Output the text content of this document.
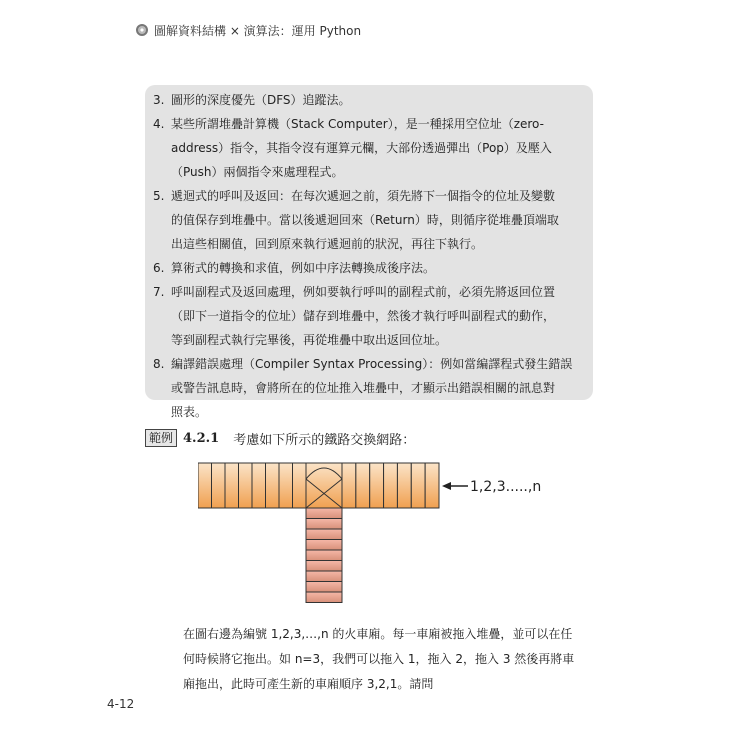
圖解資料結構 × 演算法：運用 Python
3. 圖形的深度優先（DFS）追蹤法。
4. 某些所謂堆疊計算機（Stack Computer），是一種採用空位址（zero-
address）指令，其指令沒有運算元欄，大部份透過彈出（Pop）及壓入
（Push）兩個指令來處理程式。
5. 遞迴式的呼叫及返回：在每次遞迴之前，須先將下一個指令的位址及變數
的值保存到堆疊中。當以後遞迴回來（Return）時，則循序從堆疊頂端取
出這些相關值，回到原來執行遞迴前的狀況，再往下執行。
6. 算術式的轉換和求值，例如中序法轉換成後序法。
7. 呼叫副程式及返回處理，例如要執行呼叫的副程式前，必須先將返回位置
（即下一道指令的位址）儲存到堆疊中，然後才執行呼叫副程式的動作，
等到副程式執行完畢後，再從堆疊中取出返回位址。
8. 編譯錯誤處理（Compiler Syntax Processing）：例如當編譯程式發生錯誤
或警告訊息時，會將所在的位址推入堆疊中，才顯示出錯誤相關的訊息對
照表。
範例 4.2.1 考慮如下所示的鐵路交換網路：
1,2,3.....,n
在圖右邊為編號 1,2,3,…,n 的火車廂。每一車廂被拖入堆疊，並可以在任
何時候將它拖出。如 n=3，我們可以拖入 1，拖入 2，拖入 3 然後再將車
廂拖出，此時可產生新的車廂順序 3,2,1。請問
4-12
